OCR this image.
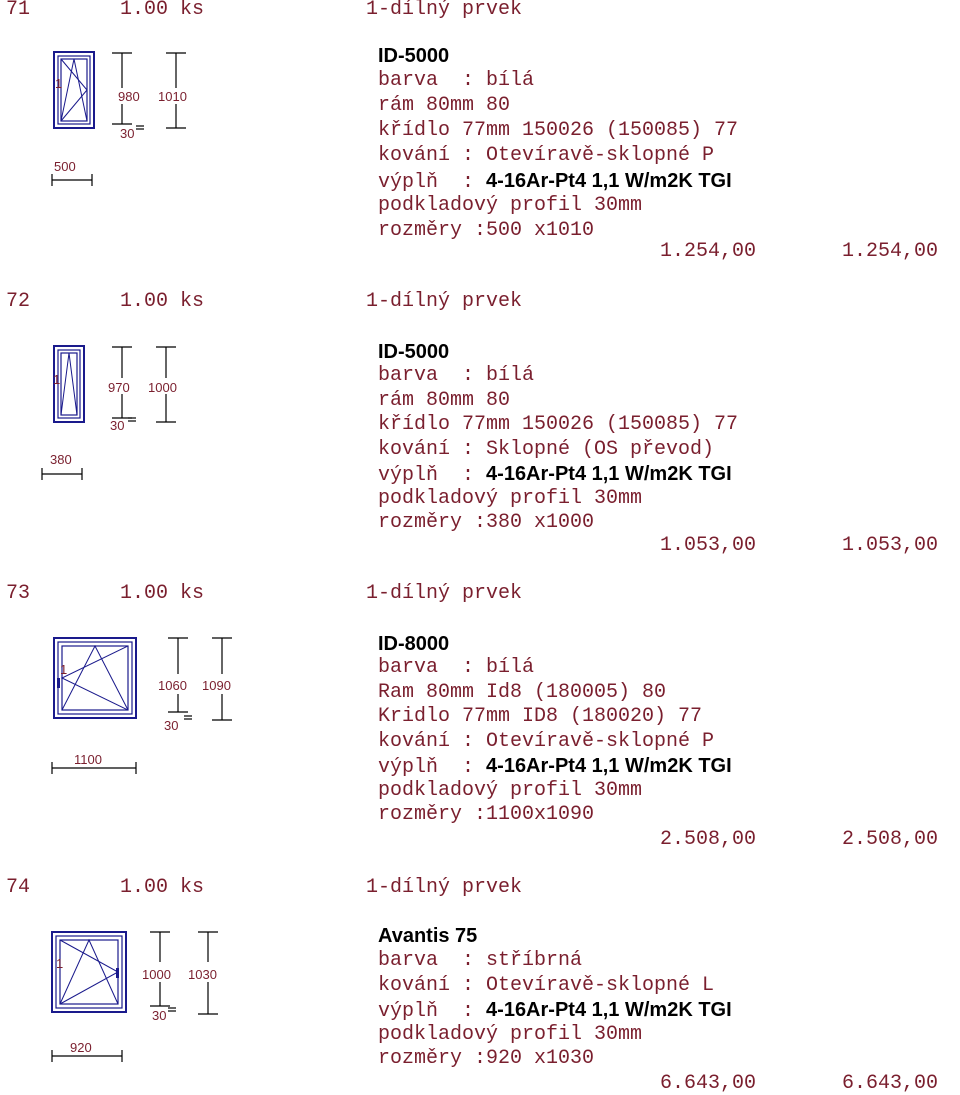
71	1.00 ks	1-dílný prvek
1
980 1010
30
500
ID-5000
barva  : bílá
rám 80mm 80
křídlo 77mm 150026 (150085) 77
kování : Otevíravě-sklopné P
výplň  : 4-16Ar-Pt4 1,1 W/m2K TGI
podkladový profil 30mm
rozměry :500 x1010
1.254,00	1.254,00
72	1.00 ks	1-dílný prvek
1
970 1000
30
380
ID-5000
barva  : bílá
rám 80mm 80
křídlo 77mm 150026 (150085) 77
kování : Sklopné (OS převod)
výplň  : 4-16Ar-Pt4 1,1 W/m2K TGI
podkladový profil 30mm
rozměry :380 x1000
1.053,00	1.053,00
73	1.00 ks	1-dílný prvek
1
1060 1090
30
1100
ID-8000
barva  : bílá
Ram 80mm Id8 (180005) 80
Kridlo 77mm ID8 (180020) 77
kování : Otevíravě-sklopné P
výplň  : 4-16Ar-Pt4 1,1 W/m2K TGI
podkladový profil 30mm
rozměry :1100x1090
2.508,00	2.508,00
74	1.00 ks	1-dílný prvek
1
1000 1030
30
920
Avantis 75
barva  : stříbrná
kování : Otevíravě-sklopné L
výplň  : 4-16Ar-Pt4 1,1 W/m2K TGI
podkladový profil 30mm
rozměry :920 x1030
6.643,00	6.643,00
